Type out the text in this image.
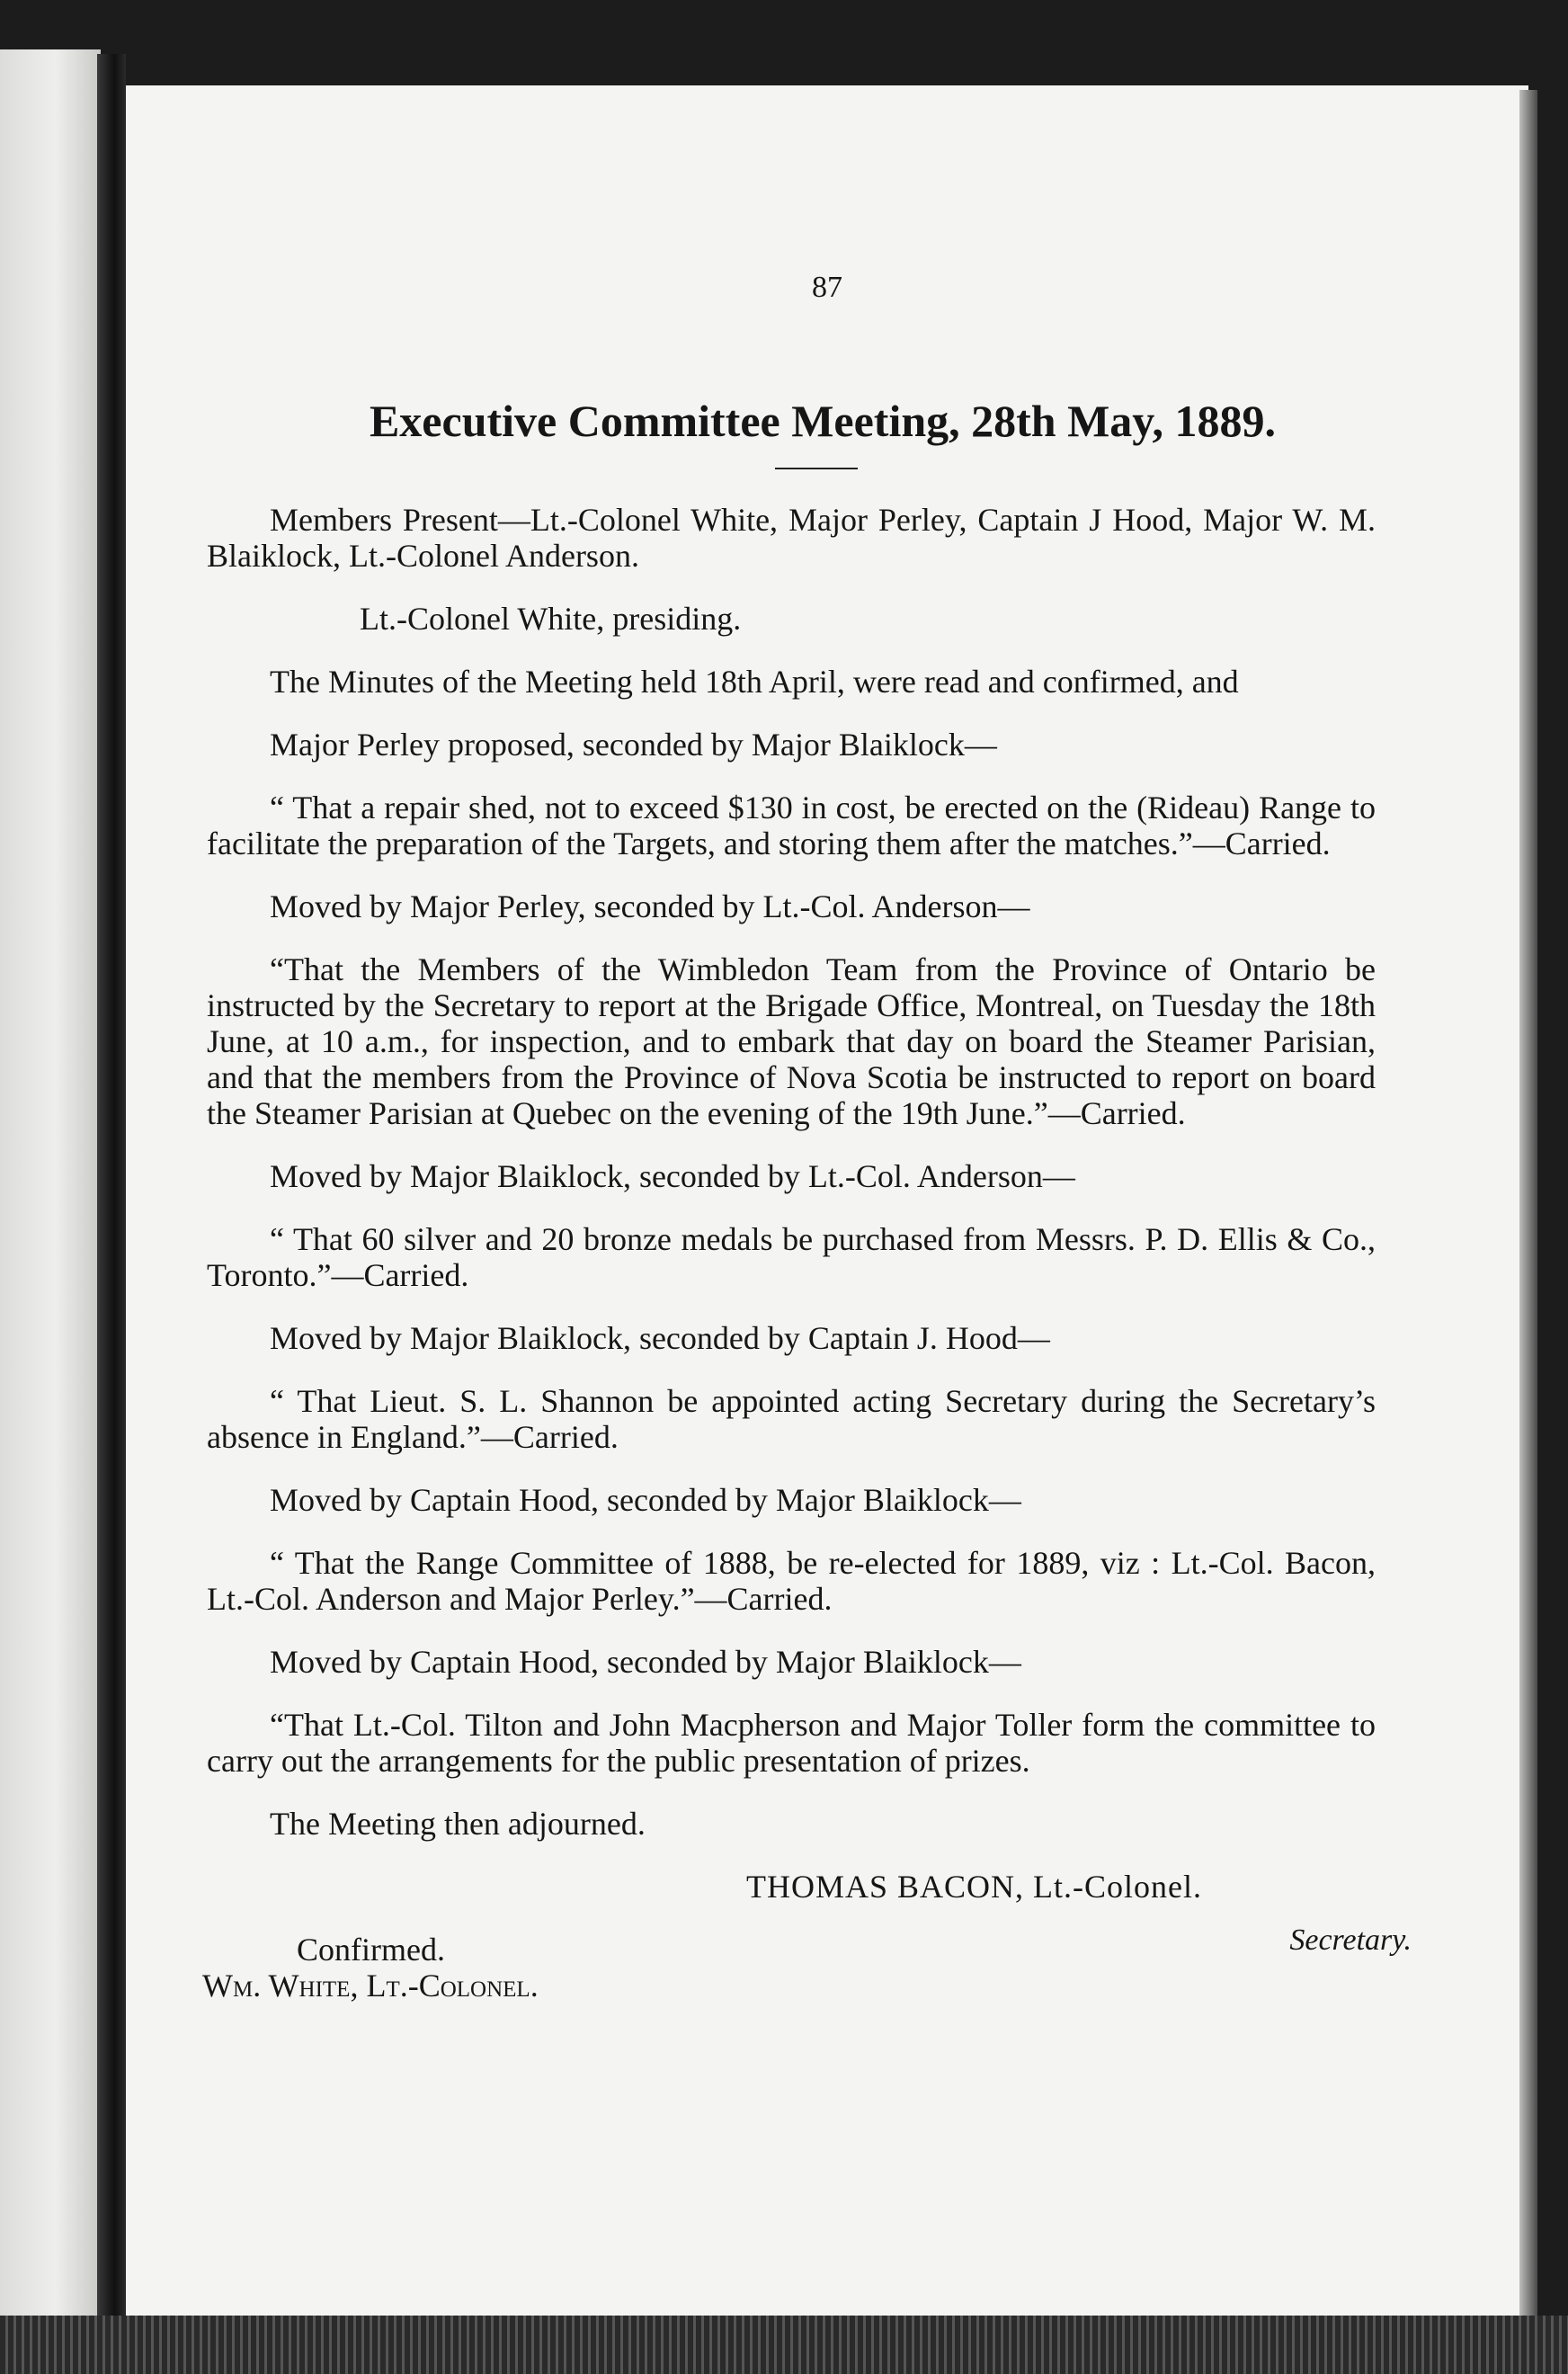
87
Executive Committee Meeting, 28th May, 1889.

Members Present—Lt.-Colonel White, Major Perley, Captain J Hood, Major W. M. Blaiklock, Lt.-Colonel Anderson.

Lt.-Colonel White, presiding.

The Minutes of the Meeting held 18th April, were read and confirmed, and

Major Perley proposed, seconded by Major Blaiklock—

“ That a repair shed, not to exceed $130 in cost, be erected on the (Rideau) Range to facilitate the preparation of the Targets, and storing them after the matches.”—Carried.

Moved by Major Perley, seconded by Lt.-Col. Anderson—

“That the Members of the Wimbledon Team from the Province of Ontario be instructed by the Secretary to report at the Brigade Office, Montreal, on Tuesday the 18th June, at 10 a.m., for inspection, and to embark that day on board the Steamer Parisian, and that the members from the Province of Nova Scotia be instructed to report on board the Steamer Parisian at Quebec on the evening of the 19th June.”—Carried.

Moved by Major Blaiklock, seconded by Lt.-Col. Anderson—

“ That 60 silver and 20 bronze medals be purchased from Messrs. P. D. Ellis & Co., Toronto.”—Carried.

Moved by Major Blaiklock, seconded by Captain J. Hood—

“ That Lieut. S. L. Shannon be appointed acting Secretary during the Secretary’s absence in England.”—Carried.

Moved by Captain Hood, seconded by Major Blaiklock—

“ That the Range Committee of 1888, be re-elected for 1889, viz : Lt.-Col. Bacon, Lt.-Col. Anderson and Major Perley.”—Carried.

Moved by Captain Hood, seconded by Major Blaiklock—

“That Lt.-Col. Tilton and John Macpherson and Major Toller form the committee to carry out the arrangements for the public presentation of prizes.

The Meeting then adjourned.

THOMAS BACON, Lt.-Colonel.
Secretary.
Confirmed.
Wm. White, Lt.-Colonel.
